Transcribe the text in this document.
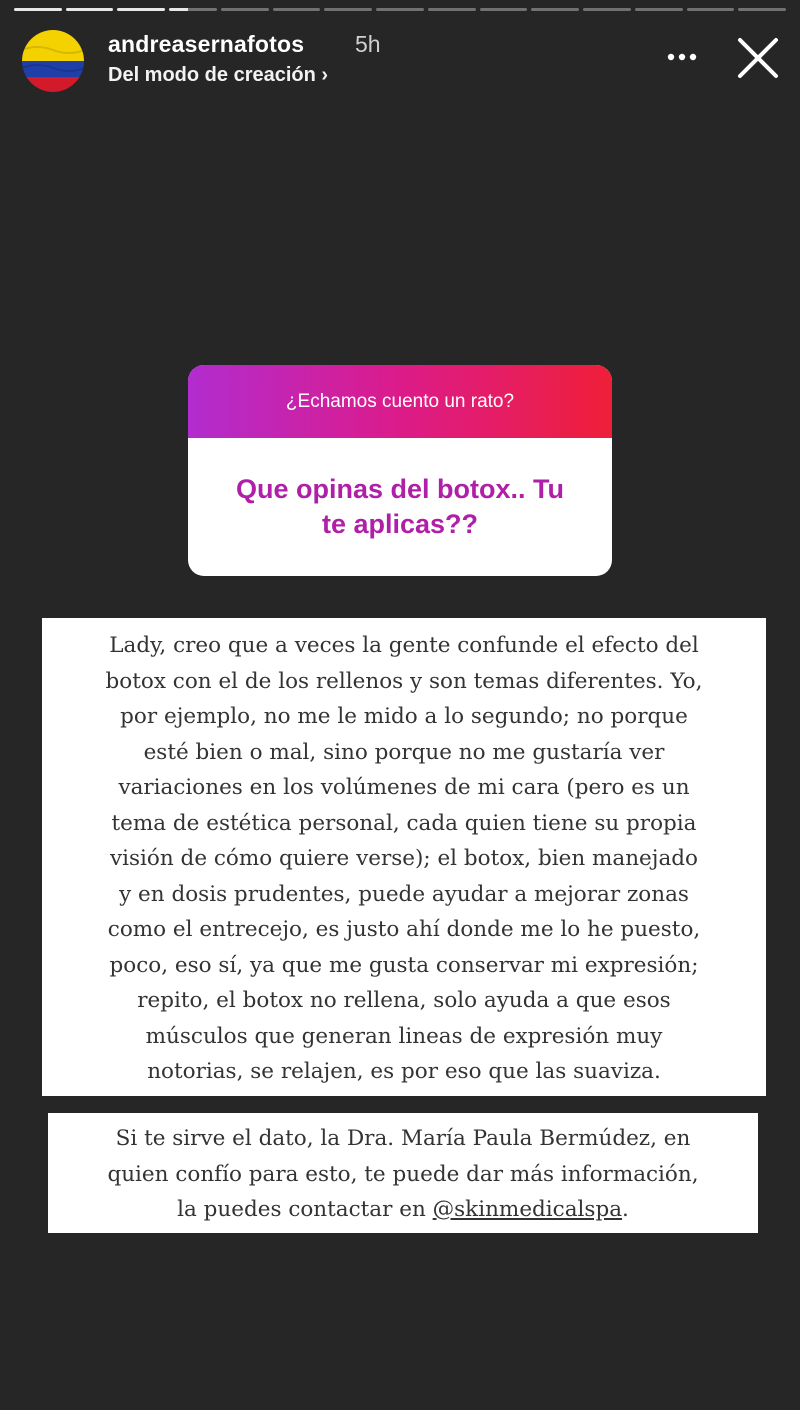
andreasernafotos 5h
Del modo de creación ›
¿Echamos cuento un rato?
Que opinas del botox.. Tu
te aplicas??
Lady, creo que a veces la gente confunde el efecto del
botox con el de los rellenos y son temas diferentes. Yo,
por ejemplo, no me le mido a lo segundo; no porque
esté bien o mal, sino porque no me gustaría ver
variaciones en los volúmenes de mi cara (pero es un
tema de estética personal, cada quien tiene su propia
visión de cómo quiere verse); el botox, bien manejado
y en dosis prudentes, puede ayudar a mejorar zonas
como el entrecejo, es justo ahí donde me lo he puesto,
poco, eso sí, ya que me gusta conservar mi expresión;
repito, el botox no rellena, solo ayuda a que esos
músculos que generan lineas de expresión muy
notorias, se relajen, es por eso que las suaviza.
Si te sirve el dato, la Dra. María Paula Bermúdez, en
quien confío para esto, te puede dar más información,
la puedes contactar en @skinmedicalspa.
